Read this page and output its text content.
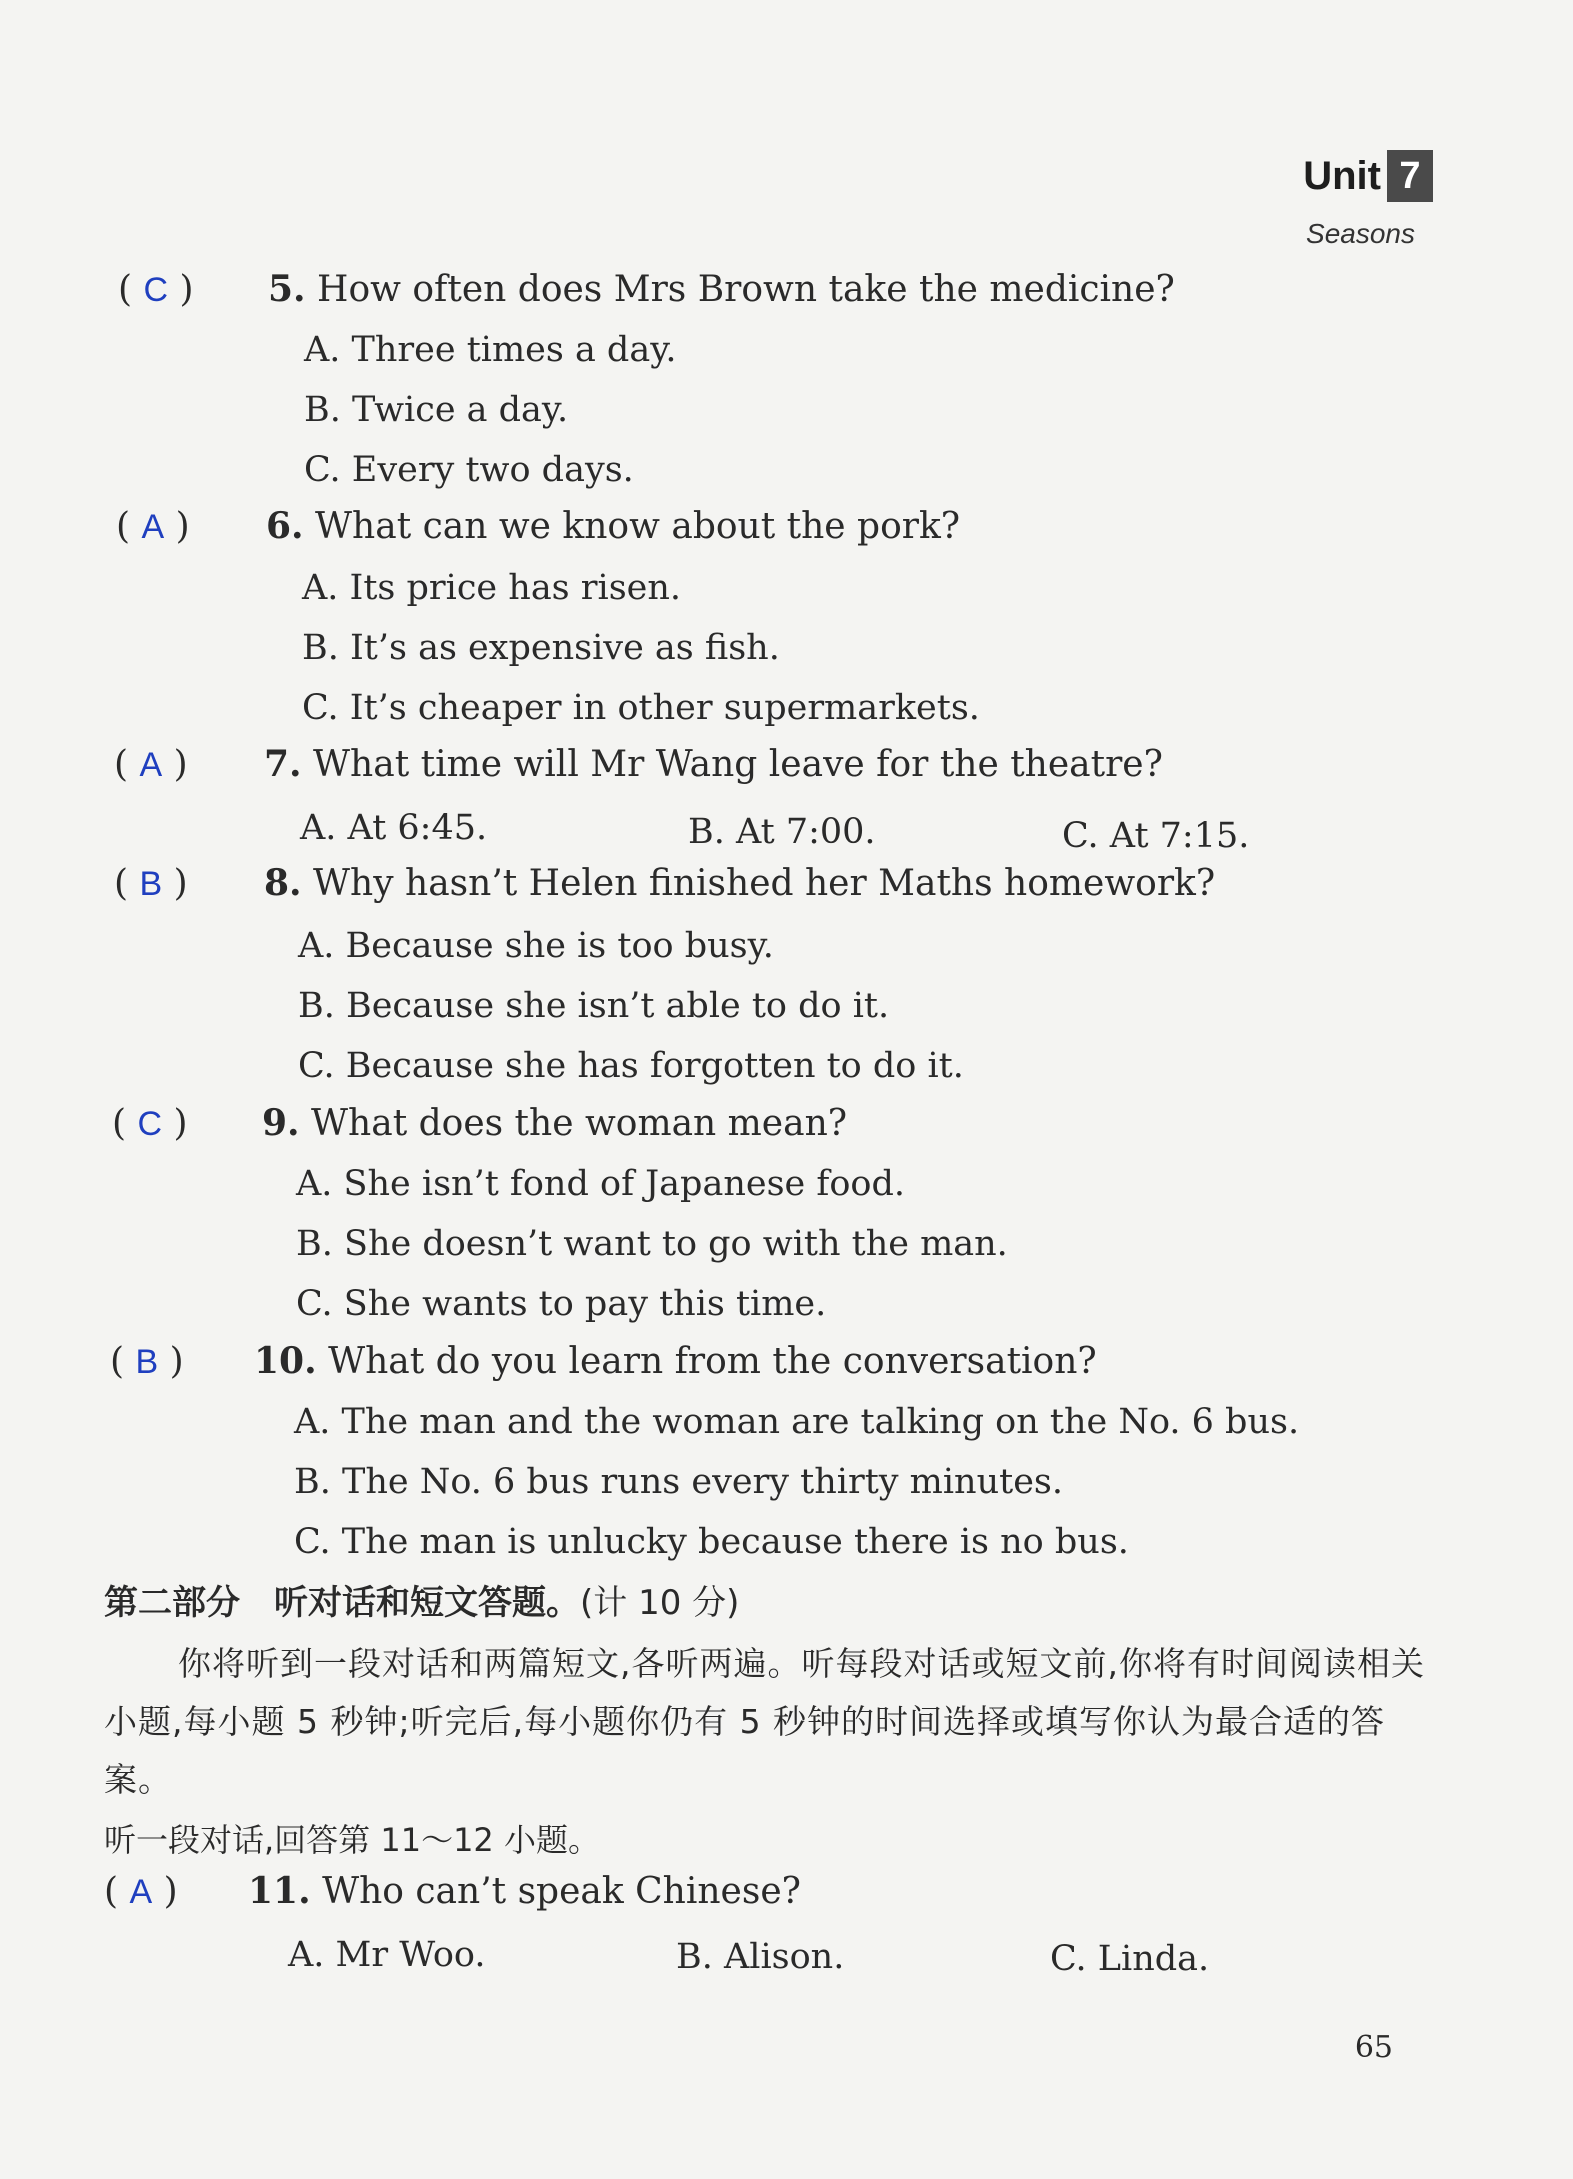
Unit 7
Seasons
( C ) 5. How often does Mrs Brown take the medicine?
A. Three times a day.
B. Twice a day.
C. Every two days.
( A ) 6. What can we know about the pork?
A. Its price has risen.
B. It’s as expensive as fish.
C. It’s cheaper in other supermarkets.
( A ) 7. What time will Mr Wang leave for the theatre?
A. At 6:45.	B. At 7:00.	C. At 7:15.
( B ) 8. Why hasn’t Helen finished her Maths homework?
A. Because she is too busy.
B. Because she isn’t able to do it.
C. Because she has forgotten to do it.
( C ) 9. What does the woman mean?
A. She isn’t fond of Japanese food.
B. She doesn’t want to go with the man.
C. She wants to pay this time.
( B ) 10. What do you learn from the conversation?
A. The man and the woman are talking on the No. 6 bus.
B. The No. 6 bus runs every thirty minutes.
C. The man is unlucky because there is no bus.
第二部分　听对话和短文答题。(计 10 分)
你将听到一段对话和两篇短文,各听两遍。听每段对话或短文前,你将有时间阅读相关小题,每小题 5 秒钟;听完后,每小题你仍有 5 秒钟的时间选择或填写你认为最合适的答案。
听一段对话,回答第 11～12 小题。
( A ) 11. Who can’t speak Chinese?
A. Mr Woo.	B. Alison.	C. Linda.
65
